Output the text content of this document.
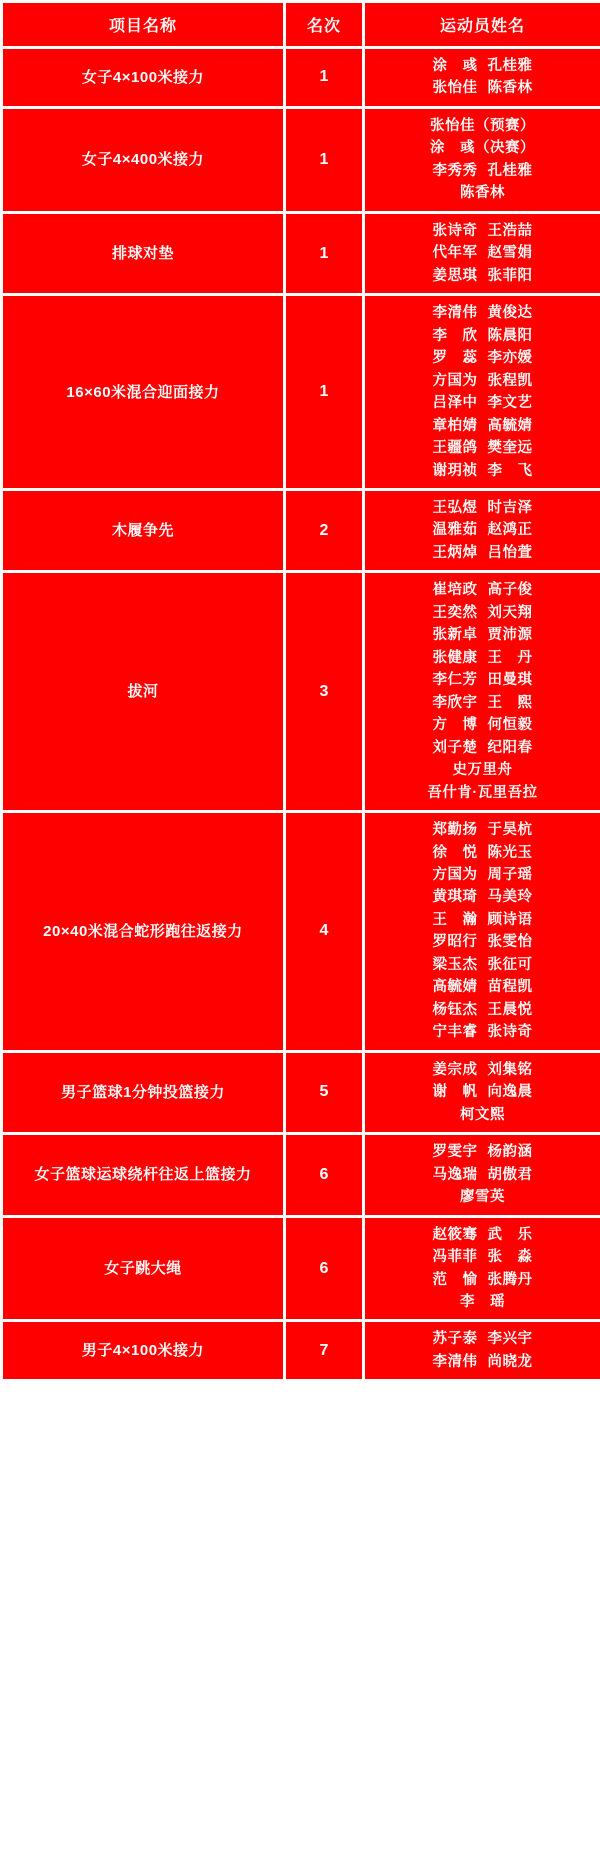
项目名称	名次	运动员姓名
女子4×100米接力	1	涂　彧 孔桂雅
张怡佳 陈香林

女子4×400米接力	1	张怡佳（预赛）
涂　彧（决赛）
李秀秀 孔桂雅
陈香林

排球对垫	1	张诗奇 王浩喆
代年军 赵雪娟
姜思琪 张菲阳

16×60米混合迎面接力	1	
李清伟 黄俊达
李　欣 陈晨阳
罗　蕊 李亦媛
方国为 张程凯
吕泽中 李文艺
章柏婧 高毓婧
王疆鸽 樊奎远
谢玥祯 李　飞

木履争先	2	王弘煜 时吉泽
温雅茹 赵鸿正
王炳焯 吕怡萱

拔河	3	
崔培政 高子俊
王奕然 刘天翔
张新卓 贾沛源
张健康 王　丹
李仁芳 田曼琪
李欣宇 王　熙
方　博 何恒毅
刘子楚 纪阳春
史万里舟
吾什肯·瓦里吾拉

20×40米混合蛇形跑往返接力	4	
郑勤扬 于昊杭
徐　悦 陈光玉
方国为 周子瑶
黄琪琦 马美玲
王　瀚 顾诗语
罗昭行 张雯怡
梁玉杰 张征可
高毓婧 苗程凯
杨钰杰 王晨悦
宁丰睿 张诗奇

男子篮球1分钟投篮接力	5	姜宗成 刘集铭
谢　帆 向逸晨
柯文熙

女子篮球运球绕杆往返上篮接力	6	罗雯宇 杨韵涵
马逸瑞 胡傲君
廖雪英

女子跳大绳	6	赵筱骞 武　乐
冯菲菲 张　淼
范　愉 张腾丹
李　瑶

男子4×100米接力	7	苏子泰 李兴宇
李清伟 尚晓龙
